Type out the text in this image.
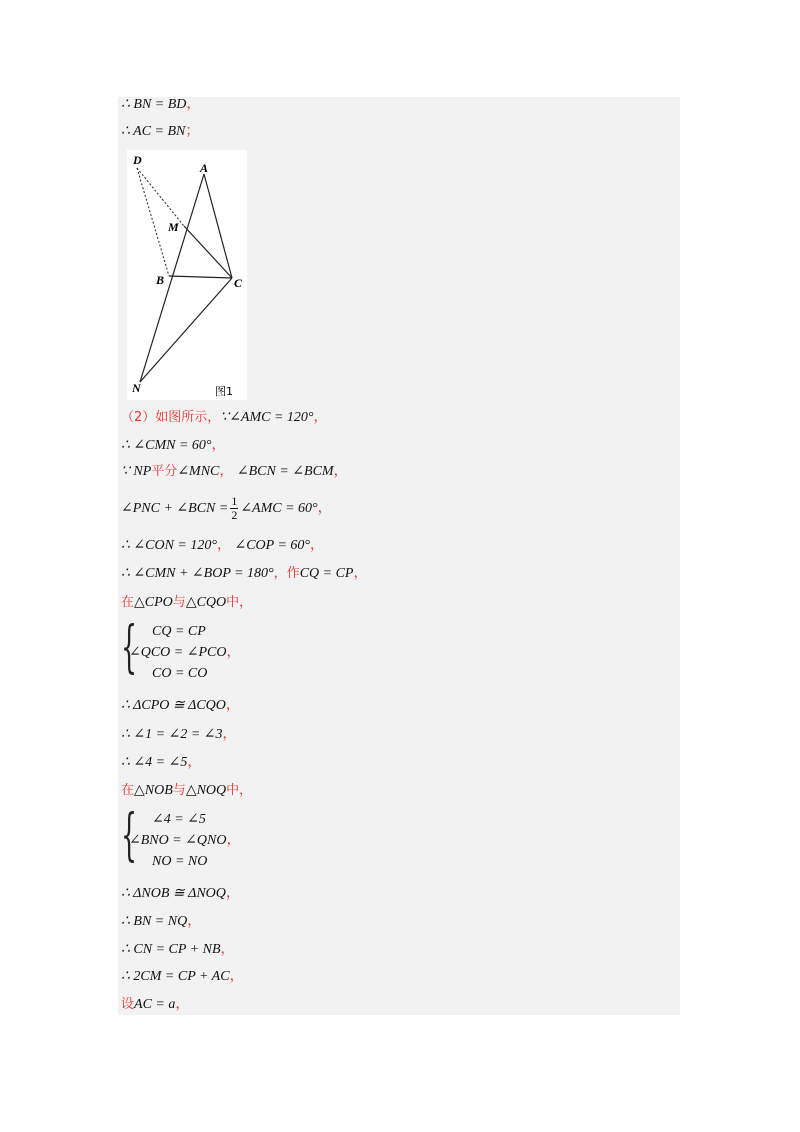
∴ BN = BD，
∴ AC = BN；
D
A
M
B	C
N	图1
（2）如图所示，∵∠AMC = 120°，
∴ ∠CMN = 60°，
∵ NP平分∠MNC， ∠BCN = ∠BCM，
∠PNC + ∠BCN = $\frac{1}{2}$ ∠AMC = 60°，
∴ ∠CON = 120°， ∠COP = 60°，
∴ ∠CMN + ∠BOP = 180°，作CQ = CP，
在△CPO与△CQO中，
{ CQ = CP
∠QCO = ∠PCO，
CO = CO
∴ ΔCPO ≅ ΔCQO，
∴ ∠1 = ∠2 = ∠3，
∴ ∠4 = ∠5，
在△NOB与△NOQ中，
{ ∠4 = ∠5
∠BNO = ∠QNO，
NO = NO
∴ ΔNOB ≅ ΔNOQ，
∴ BN = NQ，
∴ CN = CP + NB，
∴ 2CM = CP + AC，
设AC = a，
